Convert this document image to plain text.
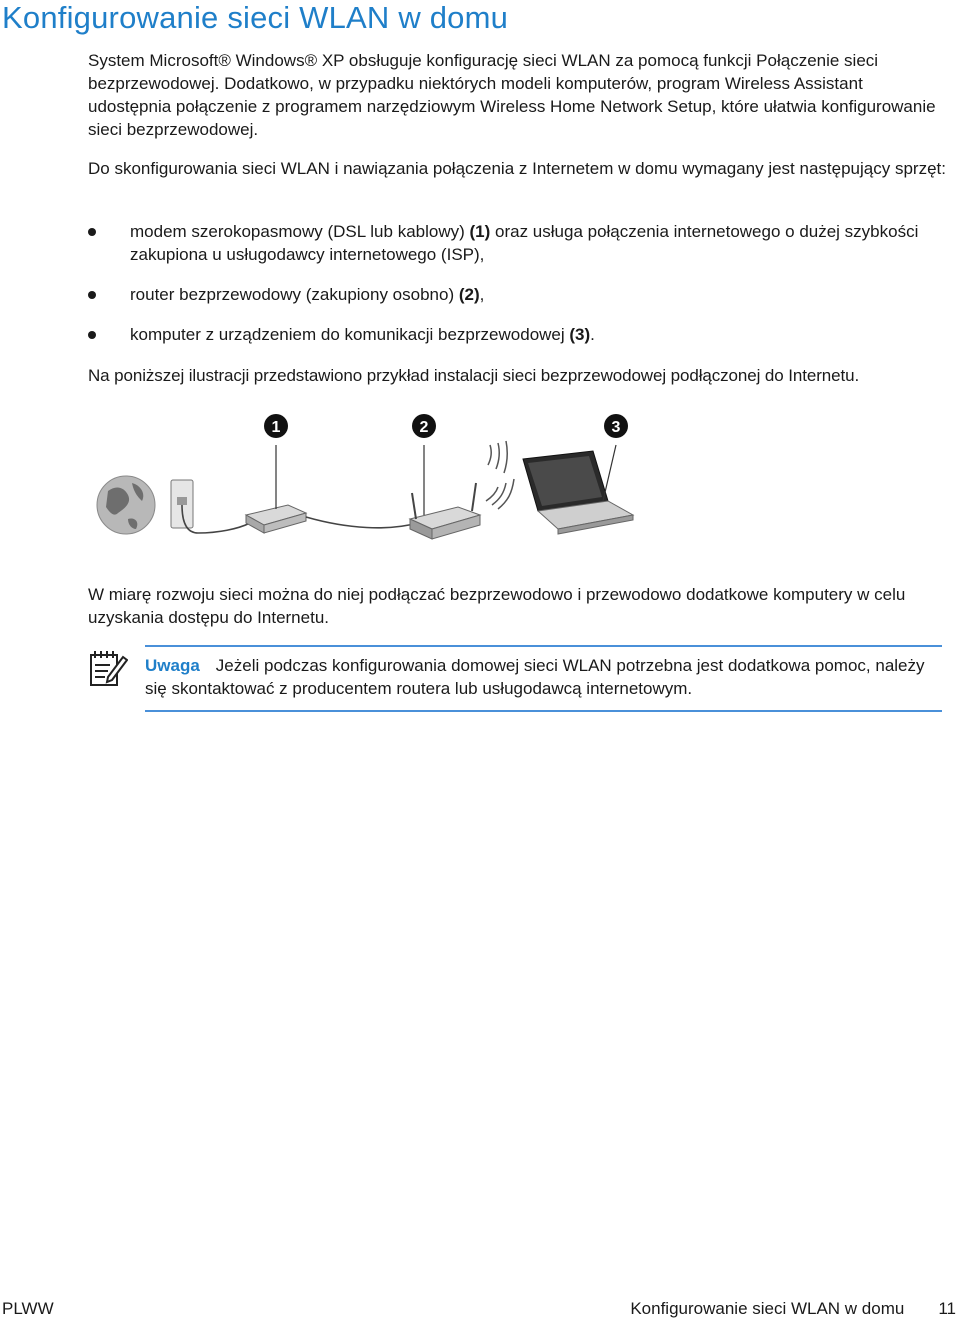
Konfigurowanie sieci WLAN w domu

System Microsoft® Windows® XP obsługuje konfigurację sieci WLAN za pomocą funkcji Połączenie sieci bezprzewodowej. Dodatkowo, w przypadku niektórych modeli komputerów, program Wireless Assistant udostępnia połączenie z programem narzędziowym Wireless Home Network Setup, które ułatwia konfigurowanie sieci bezprzewodowej.

Do skonfigurowania sieci WLAN i nawiązania połączenia z Internetem w domu wymagany jest następujący sprzęt:

modem szerokopasmowy (DSL lub kablowy) (1) oraz usługa połączenia internetowego o dużej szybkości zakupiona u usługodawcy internetowego (ISP),
router bezprzewodowy (zakupiony osobno) (2),
komputer z urządzeniem do komunikacji bezprzewodowej (3).

Na poniższej ilustracji przedstawiono przykład instalacji sieci bezprzewodowej podłączonej do Internetu.

1	2	3

W miarę rozwoju sieci można do niej podłączać bezprzewodowo i przewodowo dodatkowe komputery w celu uzyskania dostępu do Internetu.

Uwaga Jeżeli podczas konfigurowania domowej sieci WLAN potrzebna jest dodatkowa pomoc, należy się skontaktować z producentem routera lub usługodawcą internetowym.
PLWW	Konfigurowanie sieci WLAN w domu 11
